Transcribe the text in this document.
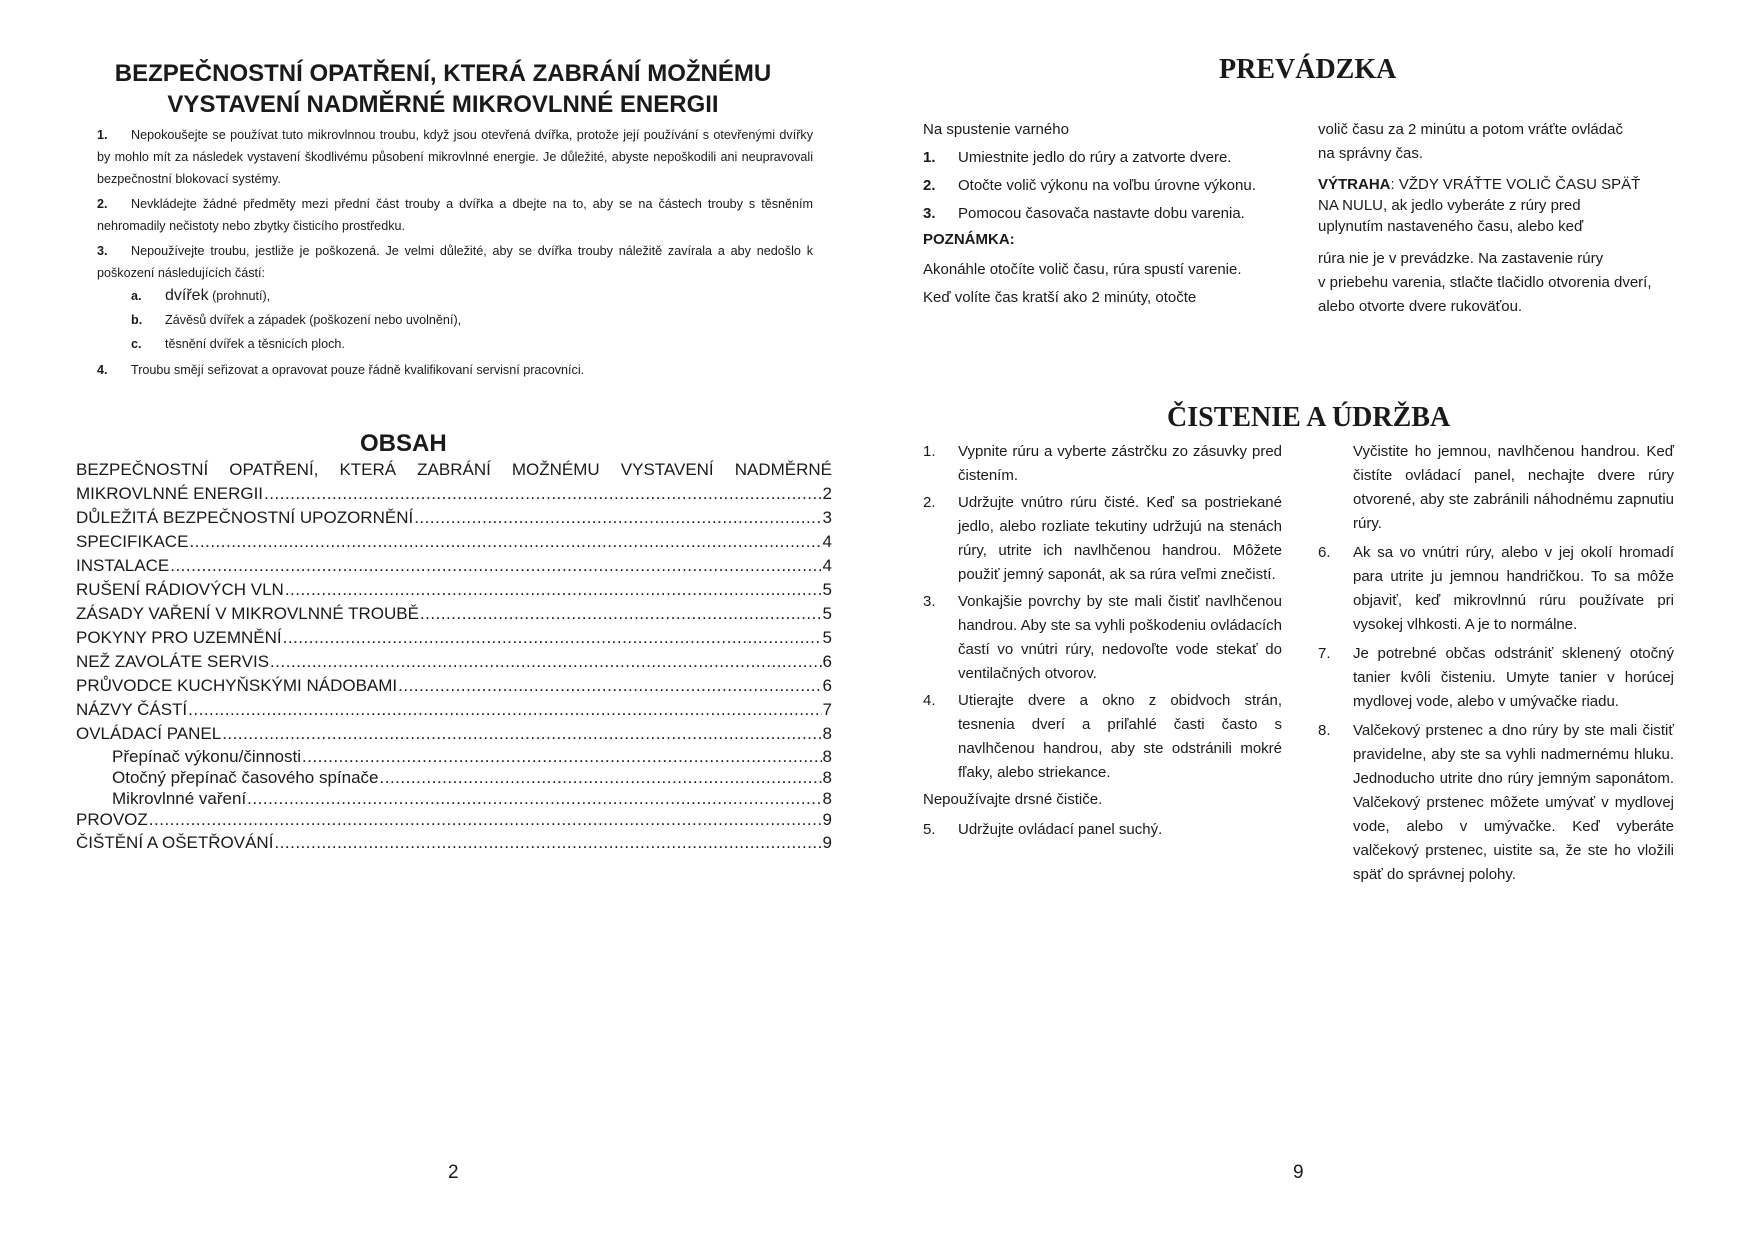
BEZPEČNOSTNÍ OPATŘENÍ, KTERÁ ZABRÁNÍ MOŽNÉMU
VYSTAVENÍ NADMĚRNÉ MIKROVLNNÉ ENERGII
1. Nepokoušejte se používat tuto mikrovlnnou troubu, když jsou otevřená dvířka, protože její používání s otevřenými dvířky by mohlo mít za následek vystavení škodlivému působení mikrovlnné energie. Je důležité, abyste nepoškodili ani neupravovali bezpečnostní blokovací systémy.
2. Nevkládejte žádné předměty mezi přední část trouby a dvířka a dbejte na to, aby se na částech trouby s těsněním nehromadily nečistoty nebo zbytky čisticího prostředku.
3. Nepoužívejte troubu, jestliže je poškozená. Je velmi důležité, aby se dvířka trouby náležitě zavírala a aby nedošlo k poškození následujících částí:
a. dvířek (prohnutí),
b. Závěsů dvířek a západek (poškození nebo uvolnění),
c. těsnění dvířek a těsnicích ploch.
4. Troubu smějí seřizovat a opravovat pouze řádně kvalifikovaní servisní pracovníci.
OBSAH
BEZPEČNOSTNÍ OPATŘENÍ, KTERÁ ZABRÁNÍ MOŽNÉMU VYSTAVENÍ NADMĚRNÉ
MIKROVLNNÉ ENERGII .....	2
DŮLEŽITÁ BEZPEČNOSTNÍ UPOZORNĚNÍ .....	3
SPECIFIKACE .....	4
INSTALACE .....	4
RUŠENÍ RÁDIOVÝCH VLN .....	5
ZÁSADY VAŘENÍ V MIKROVLNNÉ TROUBĚ .....	5
POKYNY PRO UZEMNĚNÍ .....	5
NEŽ ZAVOLÁTE SERVIS .....	6
PRŮVODCE KUCHYŇSKÝMI NÁDOBAMI .....	6
NÁZVY ČÁSTÍ .....	7
OVLÁDACÍ PANEL .....	8
Přepínač výkonu/činnosti .....	8
Otočný přepínač časového spínače .....	8
Mikrovlnné vaření .....	8
PROVOZ .....	9
ČIŠTĚNÍ A OŠETŘOVÁNÍ .....	9
2
PREVÁDZKA

Na spustenie varného

1.	Umiestnite jedlo do rúry a zatvorte dvere.
2.	Otočte volič výkonu na voľbu úrovne výkonu.
3.	Pomocou časovača nastavte dobu varenia.

POZNÁMKA:

Akonáhle otočíte volič času, rúra spustí varenie.

Keď volíte čas kratší ako 2 minúty, otočte

volič času za 2 minútu a potom vráťte ovládač

na správny čas.

VÝTRAHA: VŽDY VRÁŤTE VOLIČ ČASU SPÄŤ

NA NULU, ak jedlo vyberáte z rúry pred

uplynutím nastaveného času, alebo keď

rúra nie je v prevádzke. Na zastavenie rúry

v priebehu varenia, stlačte tlačidlo otvorenia dverí,

alebo otvorte dvere rukoväťou.

ČISTENIE A ÚDRŽBA
1.	Vypnite rúru a vyberte zástrčku zo zásuvky pred čistením.
2.	Udržujte vnútro rúru čisté. Keď sa postriekané jedlo, alebo rozliate tekutiny udržujú na stenách rúry, utrite ich navlhčenou handrou. Môžete použiť jemný saponát, ak sa rúra veľmi znečistí.
3.	Vonkajšie povrchy by ste mali čistiť navlhčenou handrou. Aby ste sa vyhli poškodeniu ovládacích častí vo vnútri rúry, nedovoľte vode stekať do ventilačných otvorov.
4.	Utierajte dvere a okno z obidvoch strán, tesnenia dverí a priľahlé časti často s navlhčenou handrou, aby ste odstránili mokré fľaky, alebo striekance.

Nepoužívajte drsné čističe.

5.	Udržujte ovládací panel suchý.

Vyčistite ho jemnou, navlhčenou handrou. Keď čistíte ovládací panel, nechajte dvere rúry otvorené, aby ste zabránili náhodnému zapnutiu rúry.

6.	Ak sa vo vnútri rúry, alebo v jej okolí hromadí para utrite ju jemnou handričkou. To sa môže objaviť, keď mikrovlnnú rúru používate pri vysokej vlhkosti. A je to normálne.
7.	Je potrebné občas odstrániť sklenený otočný tanier kvôli čisteniu. Umyte tanier v horúcej mydlovej vode, alebo v umývačke riadu.
8.	Valčekový prstenec a dno rúry by ste mali čistiť pravidelne, aby ste sa vyhli nadmernému hluku. Jednoducho utrite dno rúry jemným saponátom. Valčekový prstenec môžete umývať v mydlovej vode, alebo v umývačke. Keď vyberáte valčekový prstenec, uistite sa, že ste ho vložili späť do správnej polohy.
9
